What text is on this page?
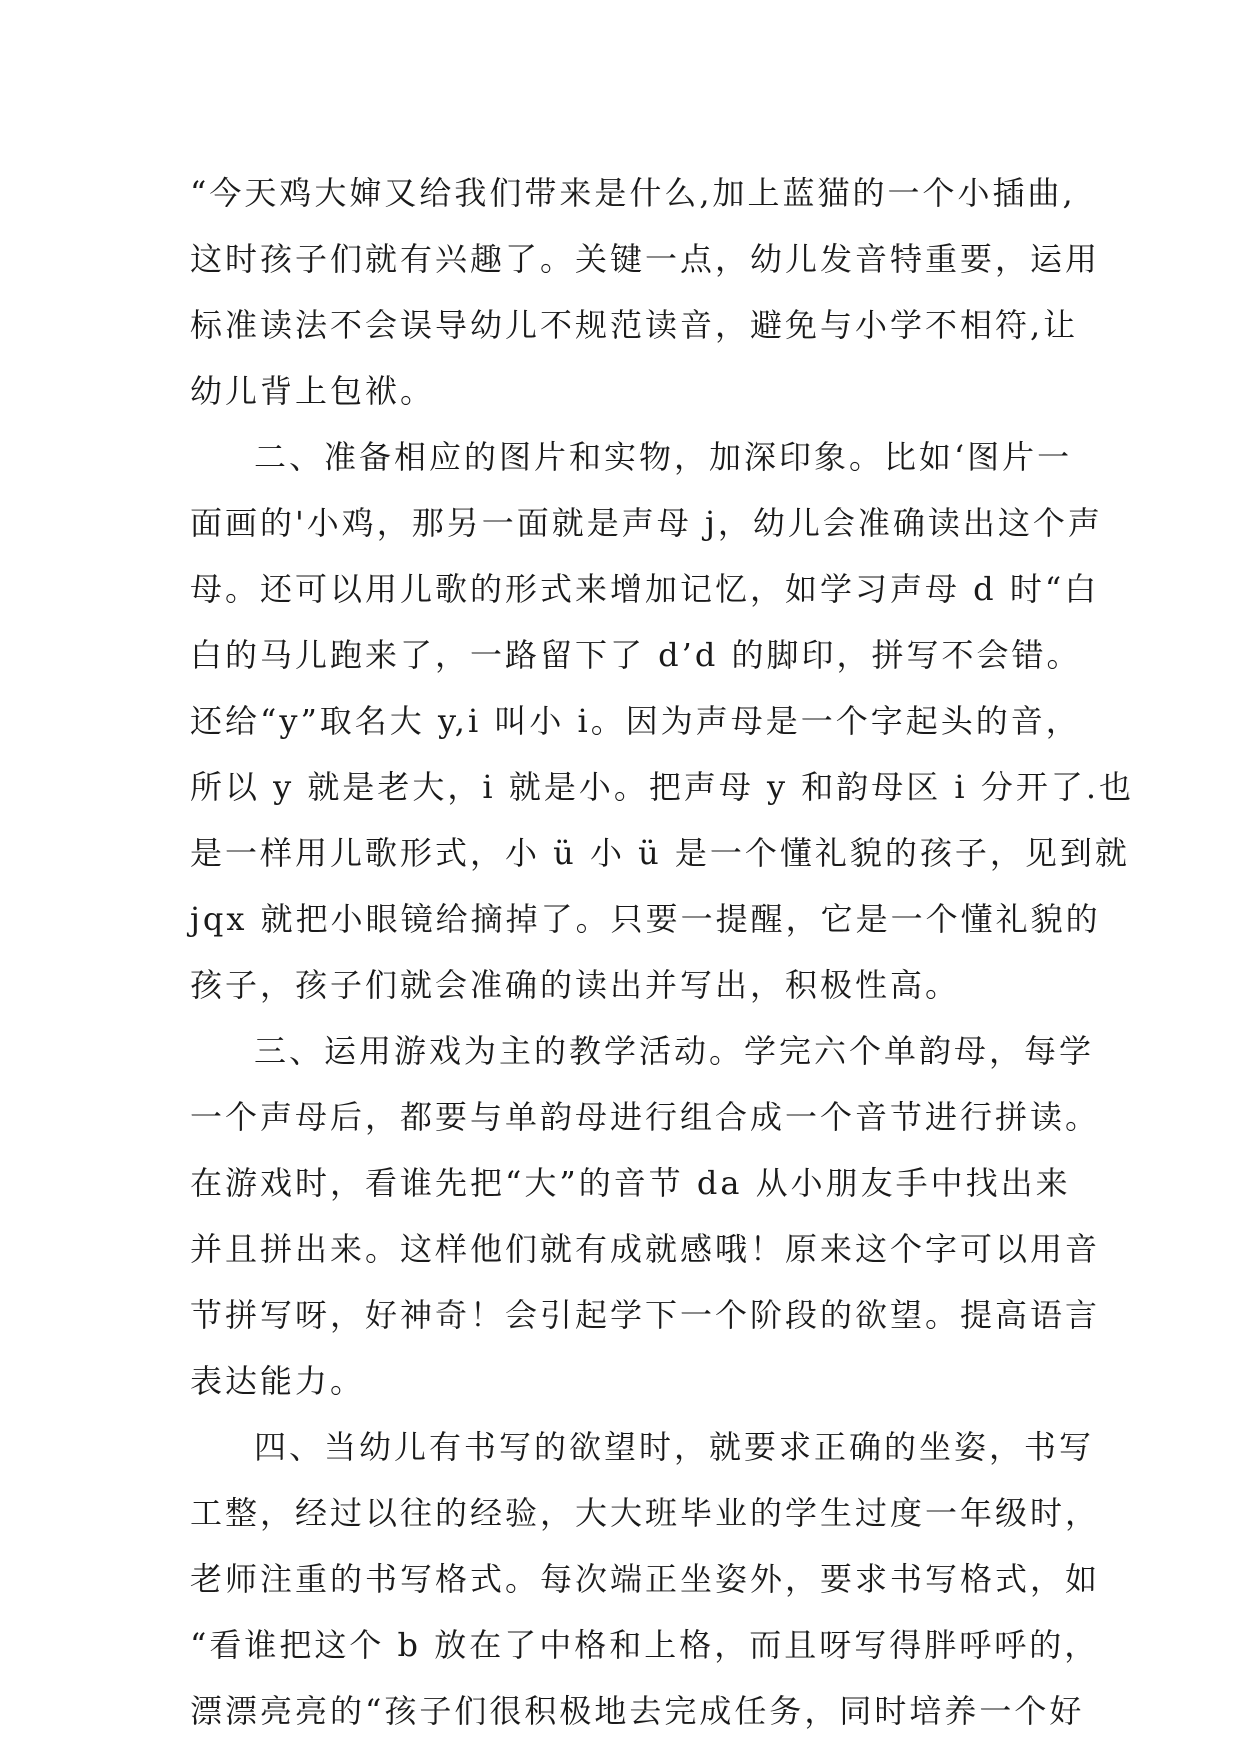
“今天鸡大婶又给我们带来是什么,加上蓝猫的一个小插曲,
这时孩子们就有兴趣了。关键一点，幼儿发音特重要，运用
标准读法不会误导幼儿不规范读音，避免与小学不相符,让
幼儿背上包袱。
二、准备相应的图片和实物，加深印象。比如‘图片一
面画的'小鸡，那另一面就是声母 j，幼儿会准确读出这个声
母。还可以用儿歌的形式来增加记忆，如学习声母 d 时“白
白的马儿跑来了，一路留下了 d’d 的脚印，拼写不会错。
还给“y”取名大 y,i 叫小 i。因为声母是一个字起头的音，
所以 y 就是老大，i 就是小。把声母 y 和韵母区 i 分开了.也
是一样用儿歌形式，小 ü 小 ü 是一个懂礼貌的孩子，见到就
jqx 就把小眼镜给摘掉了。只要一提醒，它是一个懂礼貌的
孩子，孩子们就会准确的读出并写出，积极性高。
三、运用游戏为主的教学活动。学完六个单韵母，每学
一个声母后，都要与单韵母进行组合成一个音节进行拼读。
在游戏时，看谁先把“大”的音节 da 从小朋友手中找出来
并且拼出来。这样他们就有成就感哦！原来这个字可以用音
节拼写呀，好神奇！会引起学下一个阶段的欲望。提高语言
表达能力。
四、当幼儿有书写的欲望时，就要求正确的坐姿，书写
工整，经过以往的经验，大大班毕业的学生过度一年级时，
老师注重的书写格式。每次端正坐姿外，要求书写格式，如
“看谁把这个 b 放在了中格和上格，而且呀写得胖呼呼的，
漂漂亮亮的“孩子们很积极地去完成任务，同时培养一个好
